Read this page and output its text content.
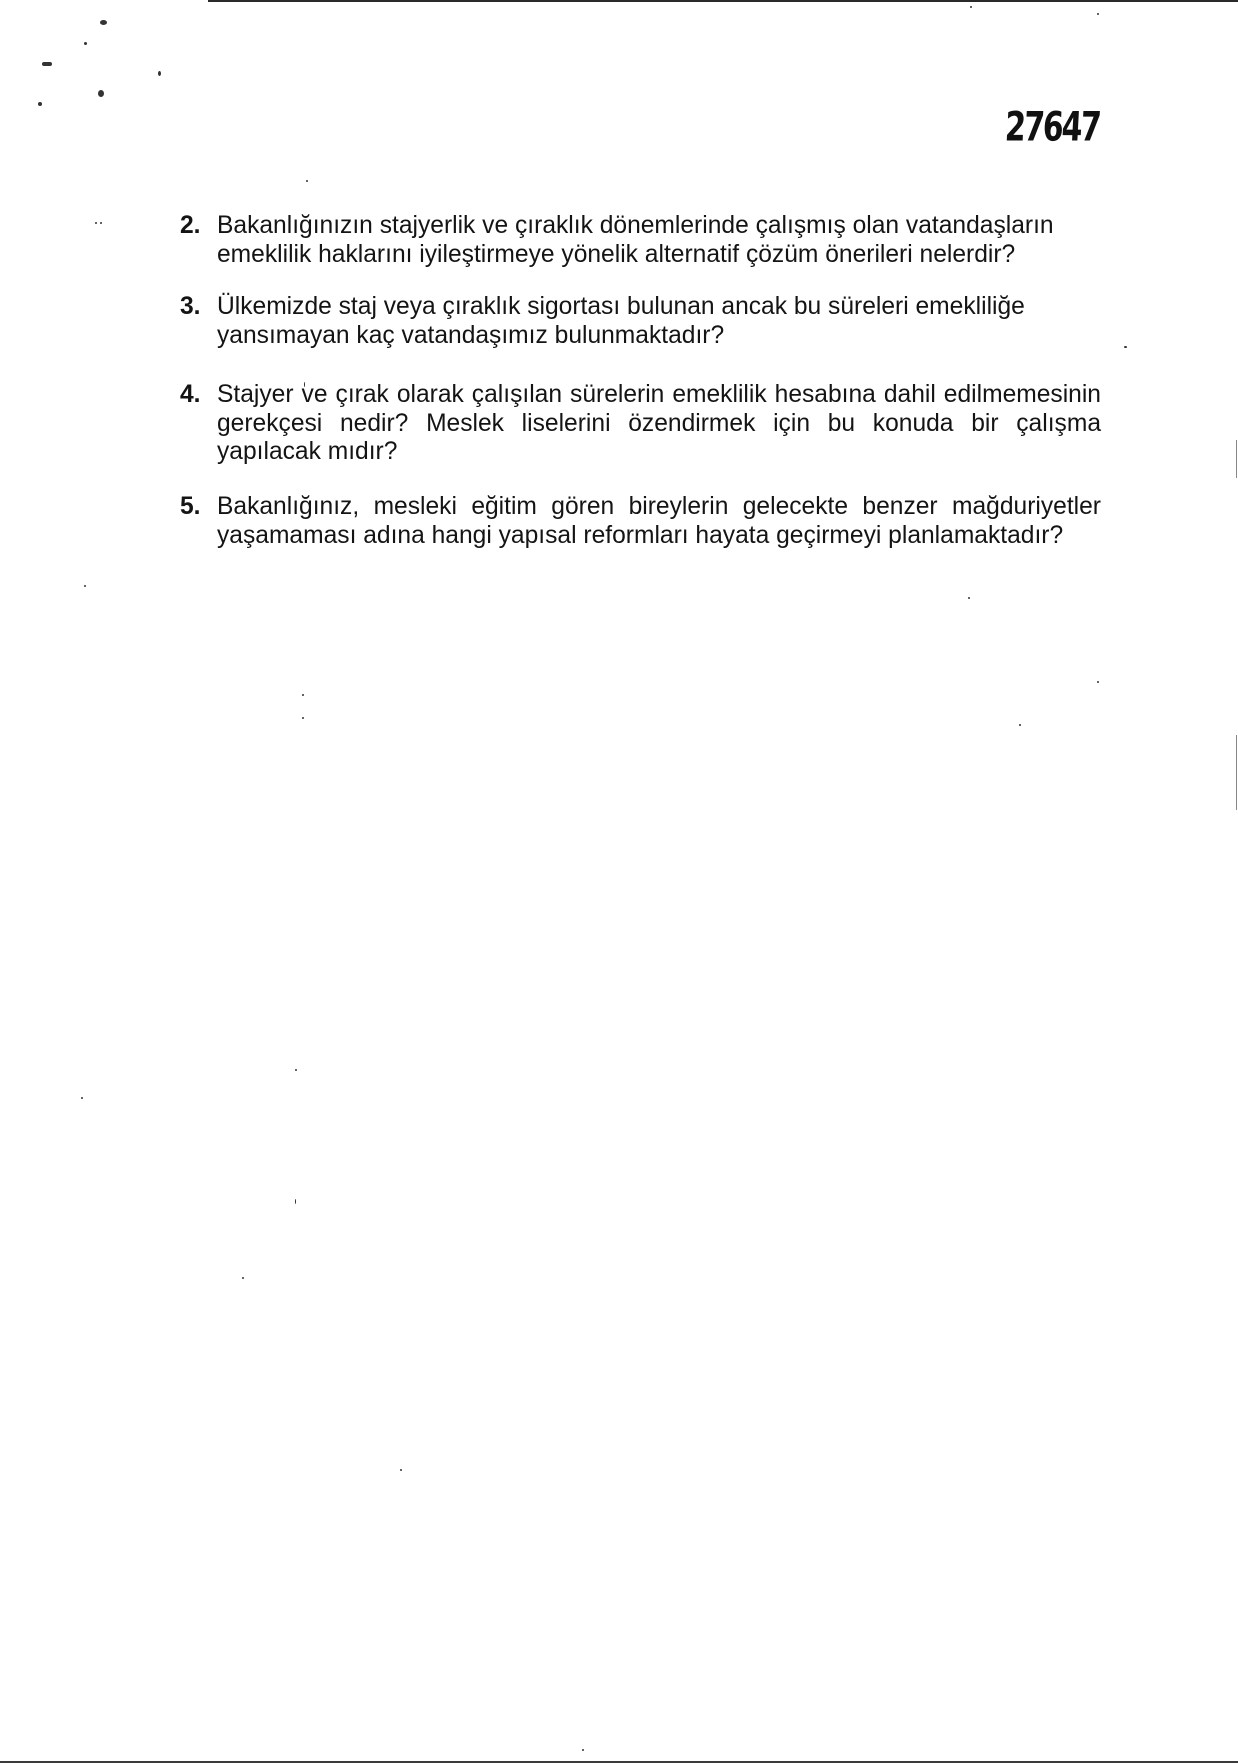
27647
2. Bakanlığınızın stajyerlik ve çıraklık dönemlerinde çalışmış olan vatandaşların
emeklilik haklarını iyileştirmeye yönelik alternatif çözüm önerileri nelerdir?
3. Ülkemizde staj veya çıraklık sigortası bulunan ancak bu süreleri emekliliğe
yansımayan kaç vatandaşımız bulunmaktadır?
4. Stajyer ve çırak olarak çalışılan sürelerin emeklilik hesabına dahil edilmemesinin
gerekçesi nedir? Meslek liselerini özendirmek için bu konuda bir çalışma
yapılacak mıdır?
5. Bakanlığınız, mesleki eğitim gören bireylerin gelecekte benzer mağduriyetler
yaşamaması adına hangi yapısal reformları hayata geçirmeyi planlamaktadır?
